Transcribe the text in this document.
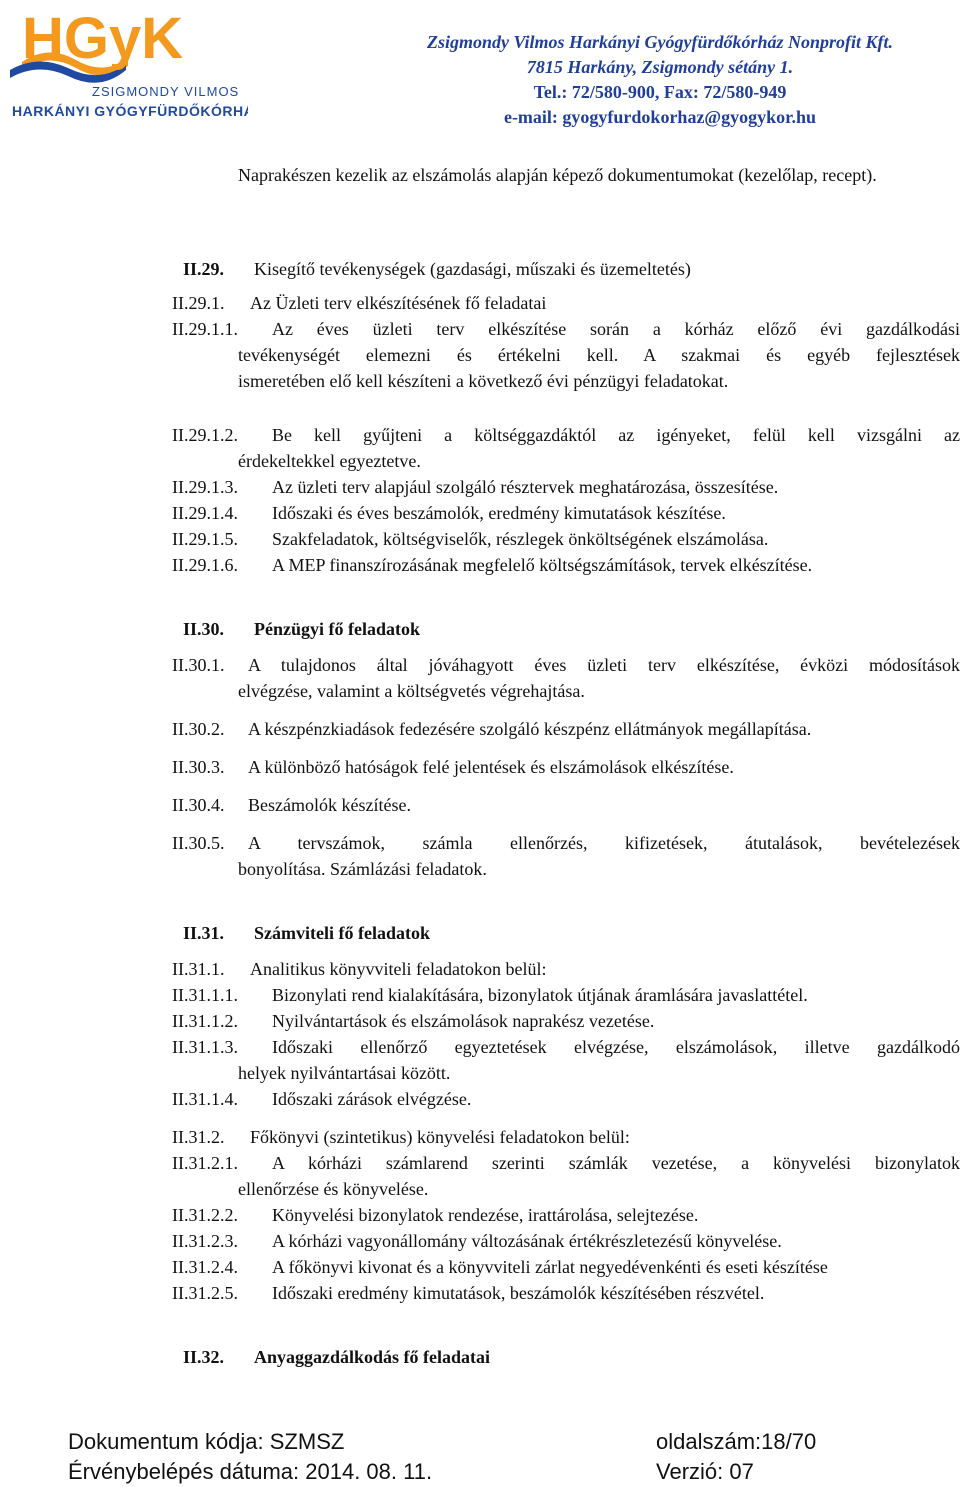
HGyK
ZSIGMONDY VILMOS
HARKÁNYI GYÓGYFÜRDŐKÓRHÁZ
Zsigmondy Vilmos Harkányi Gyógyfürdőkórház Nonprofit Kft.
7815 Harkány, Zsigmondy sétány 1.
Tel.: 72/580-900, Fax: 72/580-949
e-mail: gyogyfurdokorhaz@gyogykor.hu
Naprakészen kezelik az elszámolás alapján képező dokumentumokat (kezelőlap, recept).
II.29. Kisegítő tevékenységek (gazdasági, műszaki és üzemeltetés)
II.29.1. Az Üzleti terv elkészítésének fő feladatai
II.29.1.1. Az éves üzleti terv elkészítése során a kórház előző évi gazdálkodási
tevékenységét elemezni és értékelni kell. A szakmai és egyéb fejlesztések
ismeretében elő kell készíteni a következő évi pénzügyi feladatokat.
II.29.1.2. Be kell gyűjteni a költséggazdáktól az igényeket, felül kell vizsgálni az
érdekeltekkel egyeztetve.
II.29.1.3. Az üzleti terv alapjául szolgáló résztervek meghatározása, összesítése.
II.29.1.4. Időszaki és éves beszámolók, eredmény kimutatások készítése.
II.29.1.5. Szakfeladatok, költségviselők, részlegek önköltségének elszámolása.
II.29.1.6. A MEP finanszírozásának megfelelő költségszámítások, tervek elkészítése.
II.30. Pénzügyi fő feladatok
II.30.1. A tulajdonos által jóváhagyott éves üzleti terv elkészítése, évközi módosítások
elvégzése, valamint a költségvetés végrehajtása.
II.30.2. A készpénzkiadások fedezésére szolgáló készpénz ellátmányok megállapítása.
II.30.3. A különböző hatóságok felé jelentések és elszámolások elkészítése.
II.30.4. Beszámolók készítése.
II.30.5. A tervszámok, számla ellenőrzés, kifizetések, átutalások, bevételezések
bonyolítása. Számlázási feladatok.
II.31. Számviteli fő feladatok
II.31.1. Analitikus könyvviteli feladatokon belül:
II.31.1.1. Bizonylati rend kialakítására, bizonylatok útjának áramlására javaslattétel.
II.31.1.2. Nyilvántartások és elszámolások naprakész vezetése.
II.31.1.3. Időszaki ellenőrző egyeztetések elvégzése, elszámolások, illetve gazdálkodó
helyek nyilvántartásai között.
II.31.1.4. Időszaki zárások elvégzése.
II.31.2. Főkönyvi (szintetikus) könyvelési feladatokon belül:
II.31.2.1. A kórházi számlarend szerinti számlák vezetése, a könyvelési bizonylatok
ellenőrzése és könyvelése.
II.31.2.2. Könyvelési bizonylatok rendezése, irattárolása, selejtezése.
II.31.2.3. A kórházi vagyonállomány változásának értékrészletezésű könyvelése.
II.31.2.4. A főkönyvi kivonat és a könyvviteli zárlat negyedévenkénti és eseti készítése
II.31.2.5. Időszaki eredmény kimutatások, beszámolók készítésében részvétel.
II.32. Anyaggazdálkodás fő feladatai
Dokumentum kódja: SZMSZ	oldalszám:18/70
Érvénybelépés dátuma: 2014. 08. 11.	Verzió: 07
